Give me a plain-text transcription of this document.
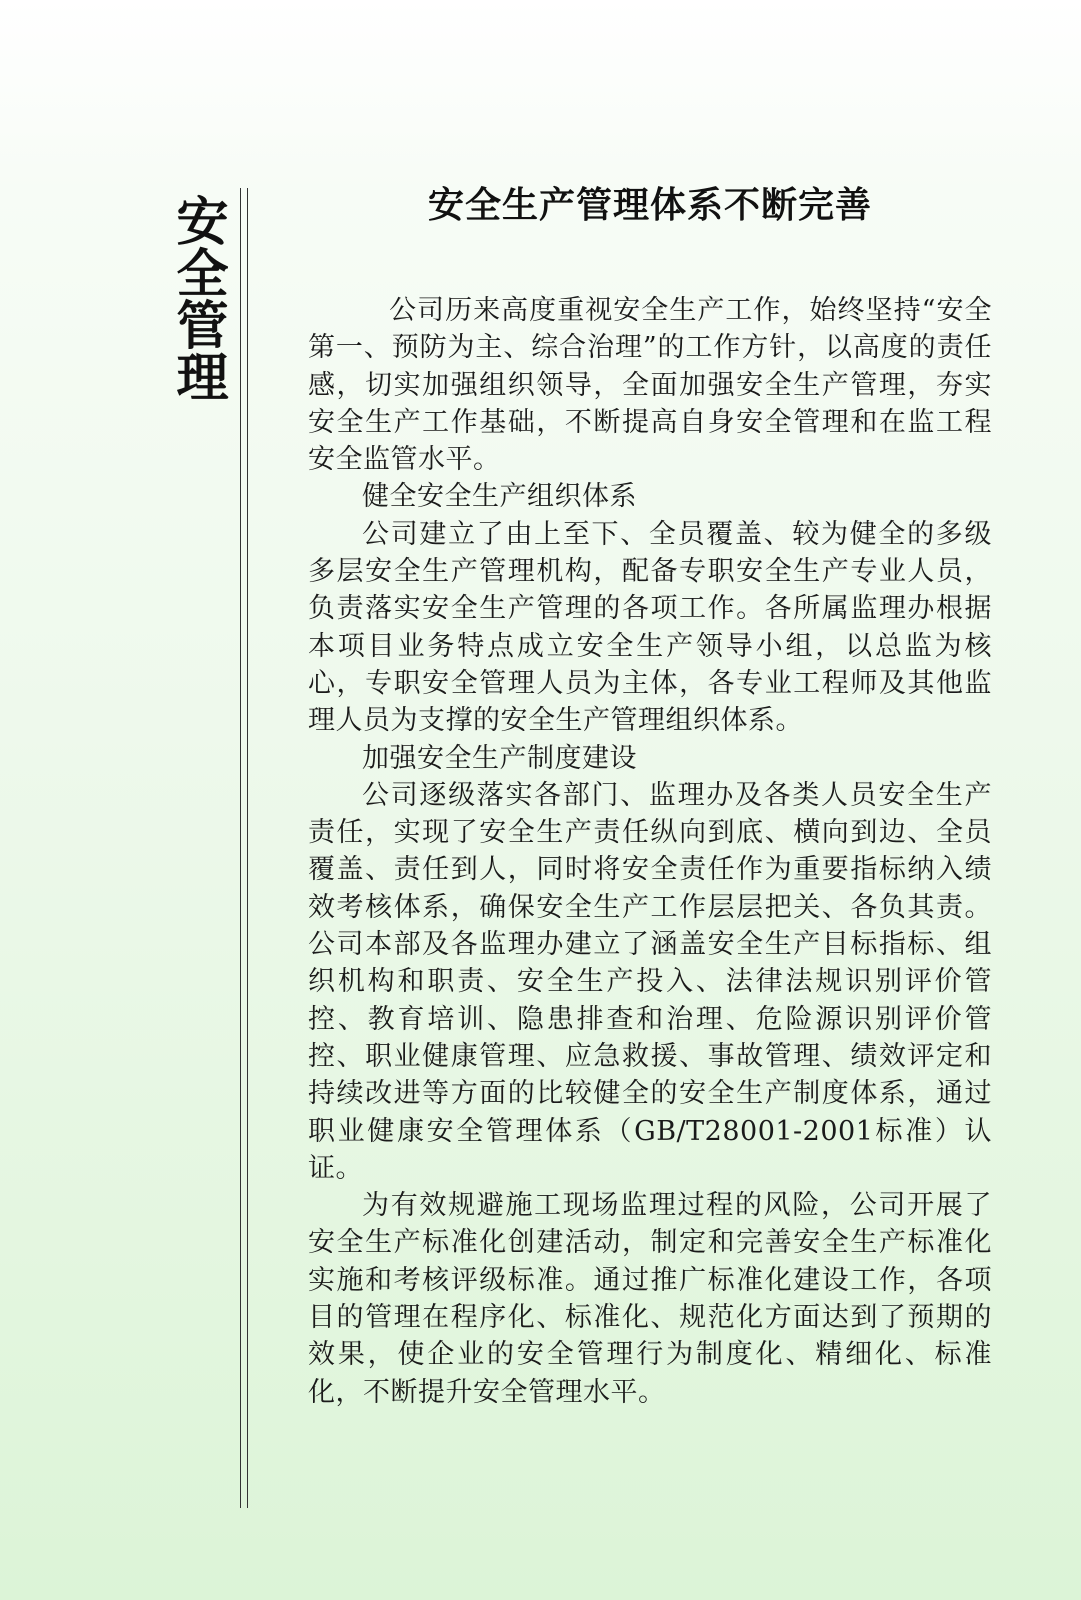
安全管理	安全生产管理体系不断完善

公司历来高度重视安全生产工作，始终坚持“安全第一、预防为主、综合治理”的工作方针，以高度的责任感，切实加强组织领导，全面加强安全生产管理，夯实安全生产工作基础，不断提高自身安全管理和在监工程安全监管水平。

健全安全生产组织体系

公司建立了由上至下、全员覆盖、较为健全的多级多层安全生产管理机构，配备专职安全生产专业人员，负责落实安全生产管理的各项工作。各所属监理办根据本项目业务特点成立安全生产领导小组，以总监为核心，专职安全管理人员为主体，各专业工程师及其他监理人员为支撑的安全生产管理组织体系。

加强安全生产制度建设

公司逐级落实各部门、监理办及各类人员安全生产责任，实现了安全生产责任纵向到底、横向到边、全员覆盖、责任到人，同时将安全责任作为重要指标纳入绩效考核体系，确保安全生产工作层层把关、各负其责。公司本部及各监理办建立了涵盖安全生产目标指标、组织机构和职责、安全生产投入、法律法规识别评价管控、教育培训、隐患排查和治理、危险源识别评价管控、职业健康管理、应急救援、事故管理、绩效评定和持续改进等方面的比较健全的安全生产制度体系，通过职业健康安全管理体系（GB/T28001-2001标准）认证。

为有效规避施工现场监理过程的风险，公司开展了安全生产标准化创建活动，制定和完善安全生产标准化实施和考核评级标准。通过推广标准化建设工作，各项目的管理在程序化、标准化、规范化方面达到了预期的效果，使企业的安全管理行为制度化、精细化、标准化，不断提升安全管理水平。
